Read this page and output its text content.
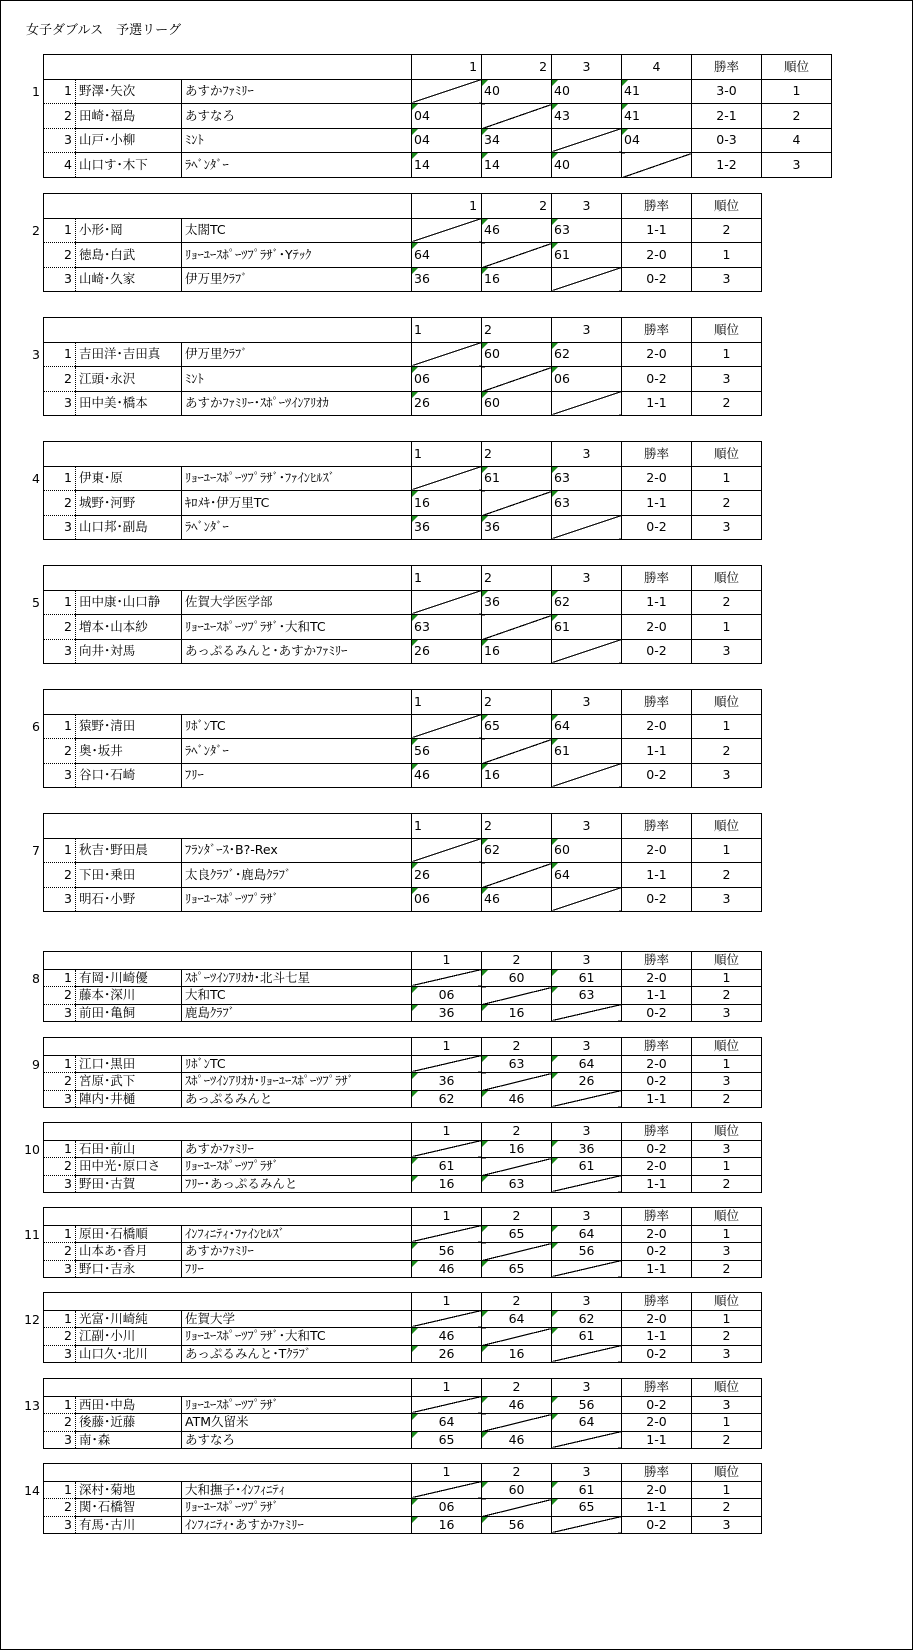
女子ダブルス　予選リーグ
			1	2	3	4	勝率	順位
1	野澤･矢次	あすかﾌｧﾐﾘｰ		40	40	41	3-0	1
2	田崎･福島	あすなろ	04		43	41	2-1	2
3	山戸･小柳	ﾐﾝﾄ	04	34		04	0-3	4
4	山口す･木下	ﾗﾍﾞﾝﾀﾞｰ	14	14	40		1-2	3
1
			1	2	3	勝率	順位
1	小形･岡	太閤TC		46	63	1-1	2
2	徳島･白武	ﾘｮｰﾕｰｽﾎﾟｰﾂﾌﾟﾗｻﾞ･Yﾃｯｸ	64		61	2-0	1
3	山崎･久家	伊万里ｸﾗﾌﾞ	36	16		0-2	3
2
			1	2	3	勝率	順位
1	吉田洋･吉田真	伊万里ｸﾗﾌﾞ		60	62	2-0	1
2	江頭･永沢	ﾐﾝﾄ	06		06	0-2	3
3	田中美･橋本	あすかﾌｧﾐﾘｰ･ｽﾎﾟｰﾂｲﾝｱﾘｵｶ	26	60		1-1	2
3
			1	2	3	勝率	順位
1	伊東･原	ﾘｮｰﾕｰｽﾎﾟｰﾂﾌﾟﾗｻﾞ･ﾌｧｲﾝﾋﾙｽﾞ		61	63	2-0	1
2	城野･河野	ｷﾛﾒｷ･伊万里TC	16		63	1-1	2
3	山口邦･副島	ﾗﾍﾞﾝﾀﾞｰ	36	36		0-2	3
4
			1	2	3	勝率	順位
1	田中康･山口静	佐賀大学医学部		36	62	1-1	2
2	増本･山本紗	ﾘｮｰﾕｰｽﾎﾟｰﾂﾌﾟﾗｻﾞ･大和TC	63		61	2-0	1
3	向井･対馬	あっぷるみんと･あすかﾌｧﾐﾘｰ	26	16		0-2	3
5
			1	2	3	勝率	順位
1	猿野･清田	ﾘﾎﾞﾝTC		65	64	2-0	1
2	奥･坂井	ﾗﾍﾞﾝﾀﾞｰ	56		61	1-1	2
3	谷口･石崎	ﾌﾘｰ	46	16		0-2	3
6
			1	2	3	勝率	順位
1	秋吉･野田晨	ﾌﾗﾝﾀﾞｰｽ･B?-Rex		62	60	2-0	1
2	下田･乗田	太良ｸﾗﾌﾞ･鹿島ｸﾗﾌﾞ	26		64	1-1	2
3	明石･小野	ﾘｮｰﾕｰｽﾎﾟｰﾂﾌﾟﾗｻﾞ	06	46		0-2	3
7
			1	2	3	勝率	順位
1	有岡･川崎優	ｽﾎﾟｰﾂｲﾝｱﾘｵｶ･北斗七星		60	61	2-0	1
2	藤本･深川	大和TC	06		63	1-1	2
3	前田･亀飼	鹿島ｸﾗﾌﾞ	36	16		0-2	3
8
			1	2	3	勝率	順位
1	江口･黒田	ﾘﾎﾞﾝTC		63	64	2-0	1
2	宮原･武下	ｽﾎﾟｰﾂｲﾝｱﾘｵｶ･ﾘｮｰﾕｰｽﾎﾟｰﾂﾌﾟﾗｻﾞ	36		26	0-2	3
3	陣内･井樋	あっぷるみんと	62	46		1-1	2
9
			1	2	3	勝率	順位
1	石田･前山	あすかﾌｧﾐﾘｰ		16	36	0-2	3
2	田中光･原口さ	ﾘｮｰﾕｰｽﾎﾟｰﾂﾌﾟﾗｻﾞ	61		61	2-0	1
3	野田･古賀	ﾌﾘｰ･あっぷるみんと	16	63		1-1	2
10
			1	2	3	勝率	順位
1	原田･石橋順	ｲﾝﾌｨﾆﾃｨ･ﾌｧｲﾝﾋﾙｽﾞ		65	64	2-0	1
2	山本あ･香月	あすかﾌｧﾐﾘｰ	56		56	0-2	3
3	野口･吉永	ﾌﾘｰ	46	65		1-1	2
11
			1	2	3	勝率	順位
1	光富･川崎純	佐賀大学		64	62	2-0	1
2	江副･小川	ﾘｮｰﾕｰｽﾎﾟｰﾂﾌﾟﾗｻﾞ･大和TC	46		61	1-1	2
3	山口久･北川	あっぷるみんと･Tｸﾗﾌﾞ	26	16		0-2	3
12
			1	2	3	勝率	順位
1	西田･中島	ﾘｮｰﾕｰｽﾎﾟｰﾂﾌﾟﾗｻﾞ		46	56	0-2	3
2	後藤･近藤	ATM久留米	64		64	2-0	1
3	南･森	あすなろ	65	46		1-1	2
13
			1	2	3	勝率	順位
1	深村･菊地	大和撫子･ｲﾝﾌｨﾆﾃｨ		60	61	2-0	1
2	関･石橋智	ﾘｮｰﾕｰｽﾎﾟｰﾂﾌﾟﾗｻﾞ	06		65	1-1	2
3	有馬･古川	ｲﾝﾌｨﾆﾃｨ･あすかﾌｧﾐﾘｰ	16	56		0-2	3
14
